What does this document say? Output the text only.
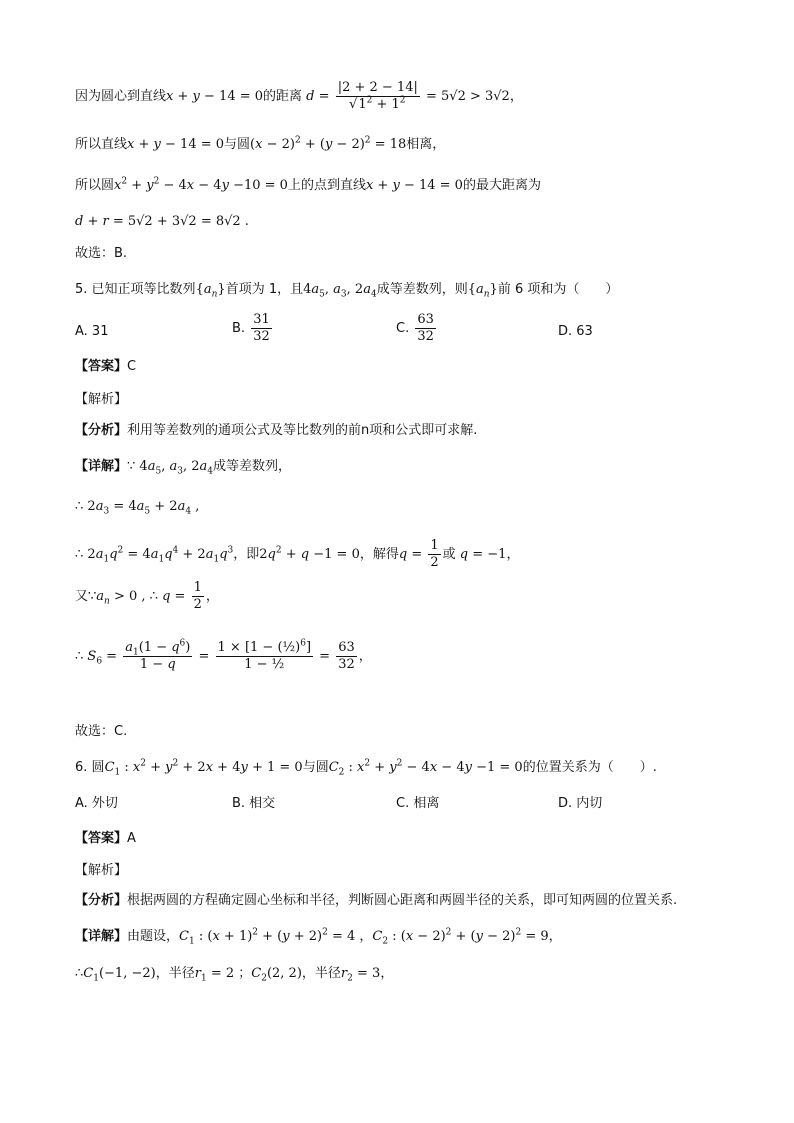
因为圆心到直线x + y − 14 = 0的距离 $d = \frac{|2 + 2 - 14|}{√1^2 + 1^2} = 5√2 > 3√2$，
所以直线x + y − 14 = 0与圆$(x - 2)^2 + (y - 2)^2 = 18$相离，
所以圆$x^2 + y^2 - 4x - 4y -10 = 0$上的点到直线x + y − 14 = 0的最大距离为
d + r = 5√2 + 3√2 = 8√2 .
故选：B.
5. 已知正项等比数列$\{a_n\}$首项为 1，且$4a_5$, $a_3$, $2a_4$成等差数列，则$\{a_n\}$前 6 项和为（　　）
A. 31	B. $\frac{31}{32}$	C. $\frac{63}{32}$	D. 63
【答案】C
【解析】
【分析】利用等差数列的通项公式及等比数列的前n项和公式即可求解.
【详解】∵ $4a_5$, $a_3$, $2a_4$成等差数列，
∴ $2a_3 = 4a_5 + 2a_4$ ,
∴ $2a_1q^2 = 4a_1q^4 + 2a_1q^3$，即$2q^2 + q -1 = 0$，解得$q = \frac{1}{2}$ 或 q = −1，
又$\because a_n > 0$ , ∴ $q = \frac{1}{2}$ ，
∴ $S_6 = \frac{a_1(1 - q^6)}{1 - q} = \frac{1 \times [1 - (\frac{1}{2})^6]}{\text{1 − ½}} = \frac{63}{32}$ ，
故选：C.
6. 圆$C_1$ : $x^2 + y^2 + 2x + 4y + 1 = 0$与圆$C_2$ : $x^2 + y^2 - 4x - 4y -1 = 0$的位置关系为（　　）.
A. 外切	B. 相交	C. 相离	D. 内切
【答案】A
【解析】
【分析】根据两圆的方程确定圆心坐标和半径，判断圆心距离和两圆半径的关系，即可知两圆的位置关系.
【详解】由题设，$C_1$ : $(x + 1)^2 + (y + 2)^2 = 4$ ，$C_2$ : $(x - 2)^2 + (y - 2)^2 = 9$，
$\therefore C_1(-1$, −2)，半径$r_1 = 2$ ；$C_2(2$, 2)，半径$r_2 = 3$，
